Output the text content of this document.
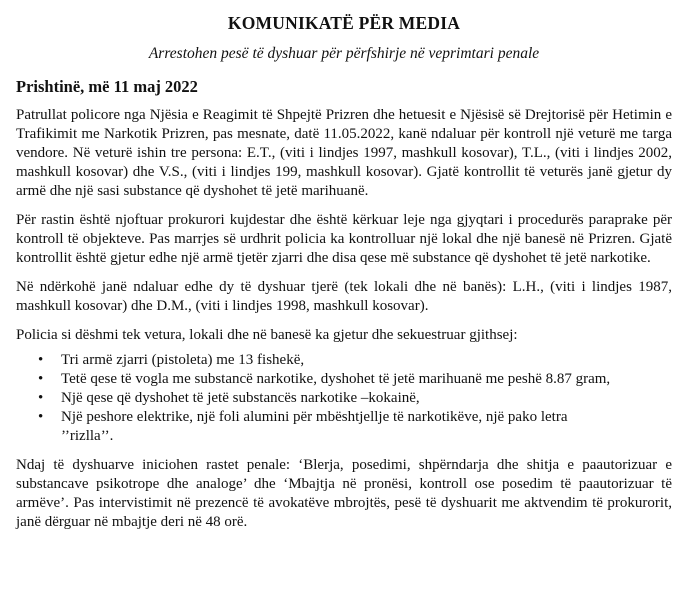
KOMUNIKATË PËR MEDIA
Arrestohen pesë të dyshuar për përfshirje në veprimtari penale
Prishtinë, më 11 maj 2022

Patrullat policore nga Njësia e Reagimit të Shpejtë Prizren dhe hetuesit e Njësisë së Drejtorisë për Hetimin e Trafikimit me Narkotik Prizren, pas mesnate, datë 11.05.2022, kanë ndaluar për kontroll një veturë me targa vendore. Në veturë ishin tre persona: E.T., (viti i lindjes 1997, mashkull kosovar), T.L., (viti i lindjes 2002, mashkull kosovar) dhe V.S., (viti i lindjes 199, mashkull kosovar). Gjatë kontrollit të veturës janë gjetur dy armë dhe një sasi substance që dyshohet të jetë marihuanë.

Për rastin është njoftuar prokurori kujdestar dhe është kërkuar leje nga gjyqtari i procedurës paraprake për kontroll të objekteve. Pas marrjes së urdhrit policia ka kontrolluar një lokal dhe një banesë në Prizren. Gjatë kontrollit është gjetur edhe një armë tjetër zjarri dhe disa qese më substance që dyshohet të jetë narkotike.

Në ndërkohë janë ndaluar edhe dy të dyshuar tjerë (tek lokali dhe në banës): L.H., (viti i lindjes 1987, mashkull kosovar) dhe D.M., (viti i lindjes 1998, mashkull kosovar).

Policia si dëshmi tek vetura, lokali dhe në banesë ka gjetur dhe sekuestruar gjithsej:

• Tri armë zjarri (pistoleta) me 13 fishekë,
• Tetë qese të vogla me substancë narkotike, dyshohet të jetë marihuanë me peshë 8.87 gram,
• Një qese që dyshohet të jetë substancës narkotike –kokainë,
• Një peshore elektrike, një foli alumini për mbështjellje të narkotikëve, një pako letra ’’rizlla’’.

Ndaj të dyshuarve iniciohen rastet penale: ‘Blerja, posedimi, shpërndarja dhe shitja e paautorizuar e substancave psikotrope dhe analoge’ dhe ‘Mbajtja në pronësi, kontroll ose posedim të paautorizuar të armëve’. Pas intervistimit në prezencë të avokatëve mbrojtës, pesë të dyshuarit me aktvendim të prokurorit, janë dërguar në mbajtje deri në 48 orë.
